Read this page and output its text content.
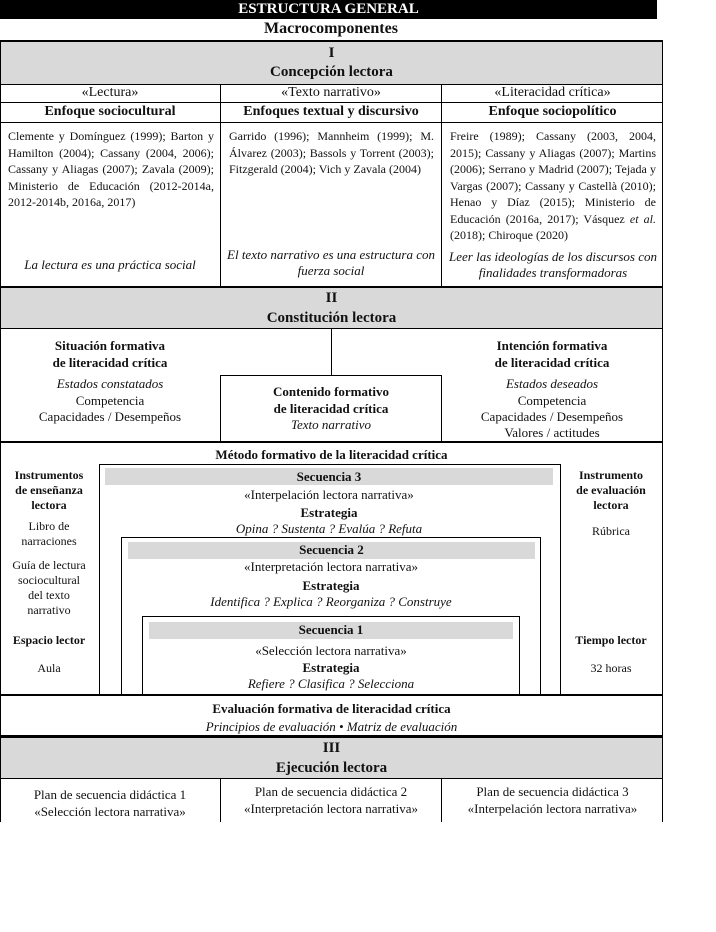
ESTRUCTURA GENERAL
Macrocomponentes
I
Concepción lectora
«Lectura»
Enfoque sociocultural
Clemente y Domínguez (1999); Barton y Hamilton (2004); Cassany (2004, 2006); Cassany y Aliagas (2007); Zavala (2009); Ministerio de Educación (2012-2014a, 2012-2014b, 2016a, 2017)
La lectura es una práctica social
«Texto narrativo»
Enfoques textual y discursivo
Garrido (1996); Mannheim (1999); M. Álvarez (2003); Bassols y Torrent (2003); Fitzgerald (2004); Vich y Zavala (2004)
El texto narrativo es una estructura con fuerza social
«Literacidad crítica»
Enfoque sociopolítico
Freire (1989); Cassany (2003, 2004, 2015); Cassany y Aliagas (2007); Martins (2006); Serrano y Madrid (2007); Tejada y Vargas (2007); Cassany y Castellà (2010); Henao y Díaz (2015); Ministerio de Educación (2016a, 2017); Vásquez et al. (2018); Chiroque (2020)
Leer las ideologías de los discursos con finalidades transformadoras
II
Constitución lectora
Situación formativa
de literacidad crítica
Estados constatados
Competencia
Capacidades / Desempeños
Intención formativa
de literacidad crítica
Estados deseados
Competencia
Capacidades / Desempeños
Valores / actitudes
Contenido formativo
de literacidad crítica
Texto narrativo
Método formativo de la literacidad crítica
Instrumentos
de enseñanza
lectora
Libro de
narraciones
Guía de lectura
sociocultural
del texto
narrativo
Espacio lector
Aula
Instrumento
de evaluación
lectora
Rúbrica
Tiempo lector
32 horas
Secuencia 3
«Interpelación lectora narrativa»
Estrategia
Opina ? Sustenta ? Evalúa ? Refuta
Secuencia 2
«Interpretación lectora narrativa»
Estrategia
Identifica ? Explica ? Reorganiza ? Construye
Secuencia 1
«Selección lectora narrativa»
Estrategia
Refiere ? Clasifica ? Selecciona
Evaluación formativa de literacidad crítica
Principios de evaluación • Matriz de evaluación
III
Ejecución lectora
Plan de secuencia didáctica 1
«Selección lectora narrativa»
Plan de secuencia didáctica 2
«Interpretación lectora narrativa»
Plan de secuencia didáctica 3
«Interpelación lectora narrativa»
